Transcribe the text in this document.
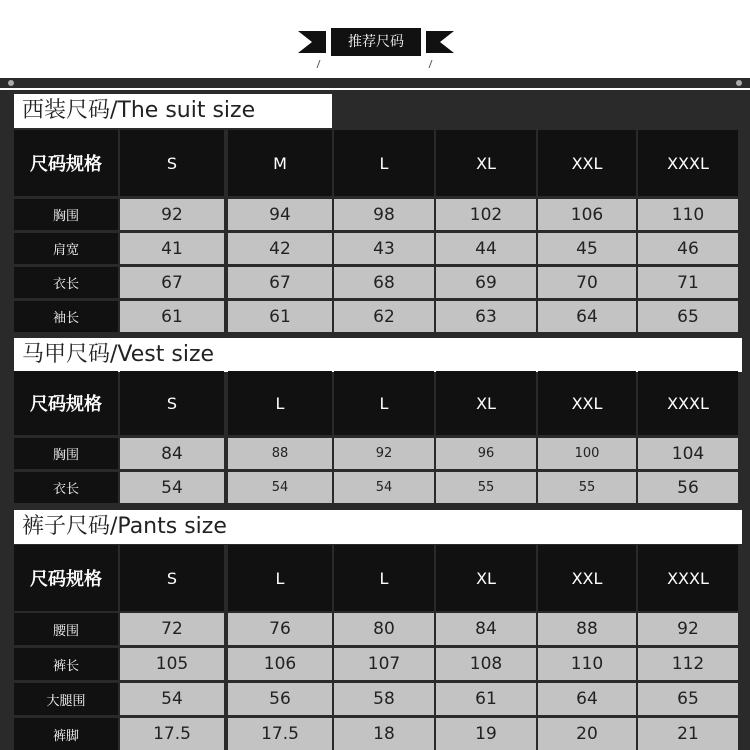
推荐尺码
西装尺码/The suit size
尺码规格	S	M	L	XL	XXL	XXXL
胸围	92	94	98	102	106	110
肩宽	41	42	43	44	45	46
衣长	67	67	68	69	70	71
袖长	61	61	62	63	64	65
马甲尺码/Vest size
尺码规格	S	L	L	XL	XXL	XXXL
胸围	84	88	92	96	100	104
衣长	54	54	54	55	55	56
裤子尺码/Pants size
尺码规格	S	L	L	XL	XXL	XXXL
腰围	72	76	80	84	88	92
裤长	105	106	107	108	110	112
大腿围	54	56	58	61	64	65
裤脚	17.5	17.5	18	19	20	21
